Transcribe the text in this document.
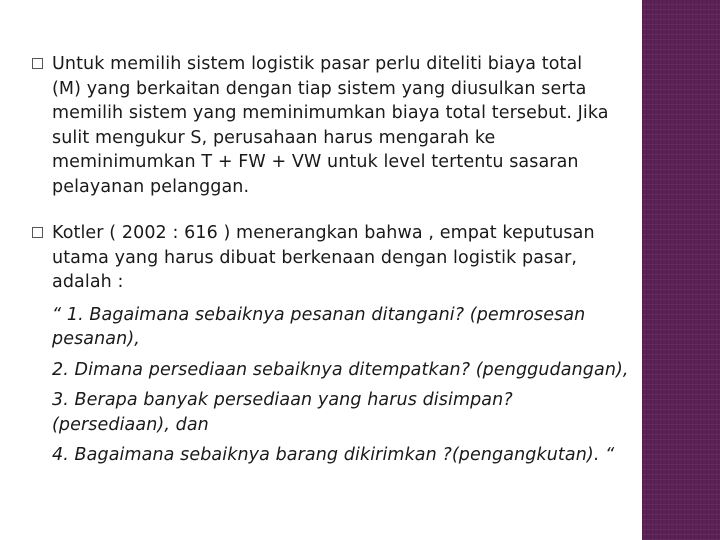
Untuk memilih sistem logistik pasar perlu diteliti biaya total
(M) yang berkaitan dengan tiap sistem yang diusulkan serta
memilih sistem yang meminimumkan biaya total tersebut. Jika
sulit mengukur S, perusahaan harus mengarah ke
meminimumkan T + FW + VW untuk level tertentu sasaran
pelayanan pelanggan.
Kotler ( 2002 : 616 ) menerangkan bahwa , empat keputusan
utama yang harus dibuat berkenaan dengan logistik pasar,
adalah :
“ 1. Bagaimana sebaiknya pesanan ditangani? (pemrosesan
pesanan),
2. Dimana persediaan sebaiknya ditempatkan? (penggudangan),
3. Berapa banyak persediaan yang harus disimpan?
(persediaan), dan
4. Bagaimana sebaiknya barang dikirimkan ?(pengangkutan). “
